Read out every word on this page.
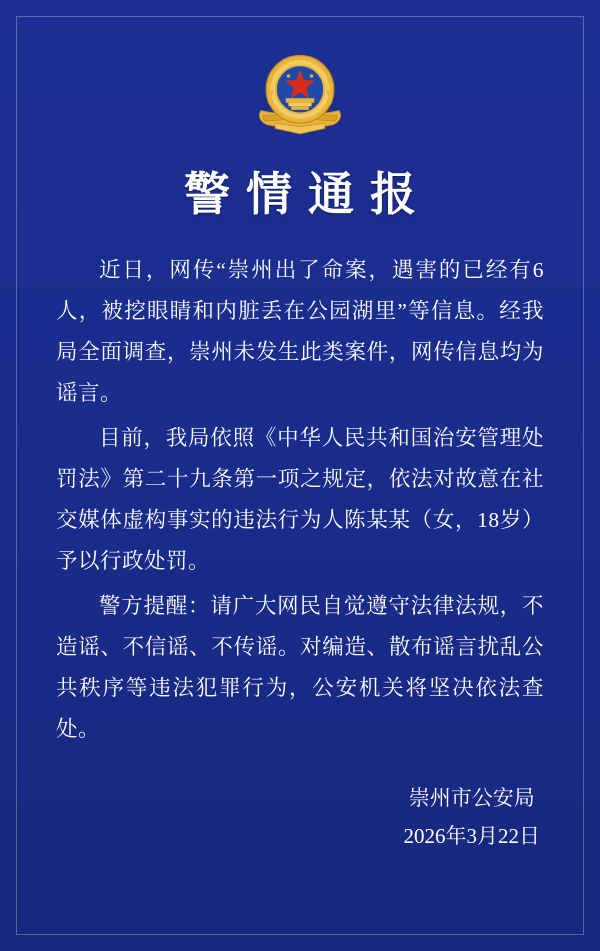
警情通报

近日，网传“崇州出了命案，遇害的已经有6人，被挖眼睛和内脏丢在公园湖里”等信息。经我局全面调查，崇州未发生此类案件，网传信息均为谣言。

目前，我局依照《中华人民共和国治安管理处罚法》第二十九条第一项之规定，依法对故意在社交媒体虚构事实的违法行为人陈某某（女，18岁）予以行政处罚。

警方提醒：请广大网民自觉遵守法律法规，不造谣、不信谣、不传谣。对编造、散布谣言扰乱公共秩序等违法犯罪行为，公安机关将坚决依法查处。

崇州市公安局
2026年3月22日
